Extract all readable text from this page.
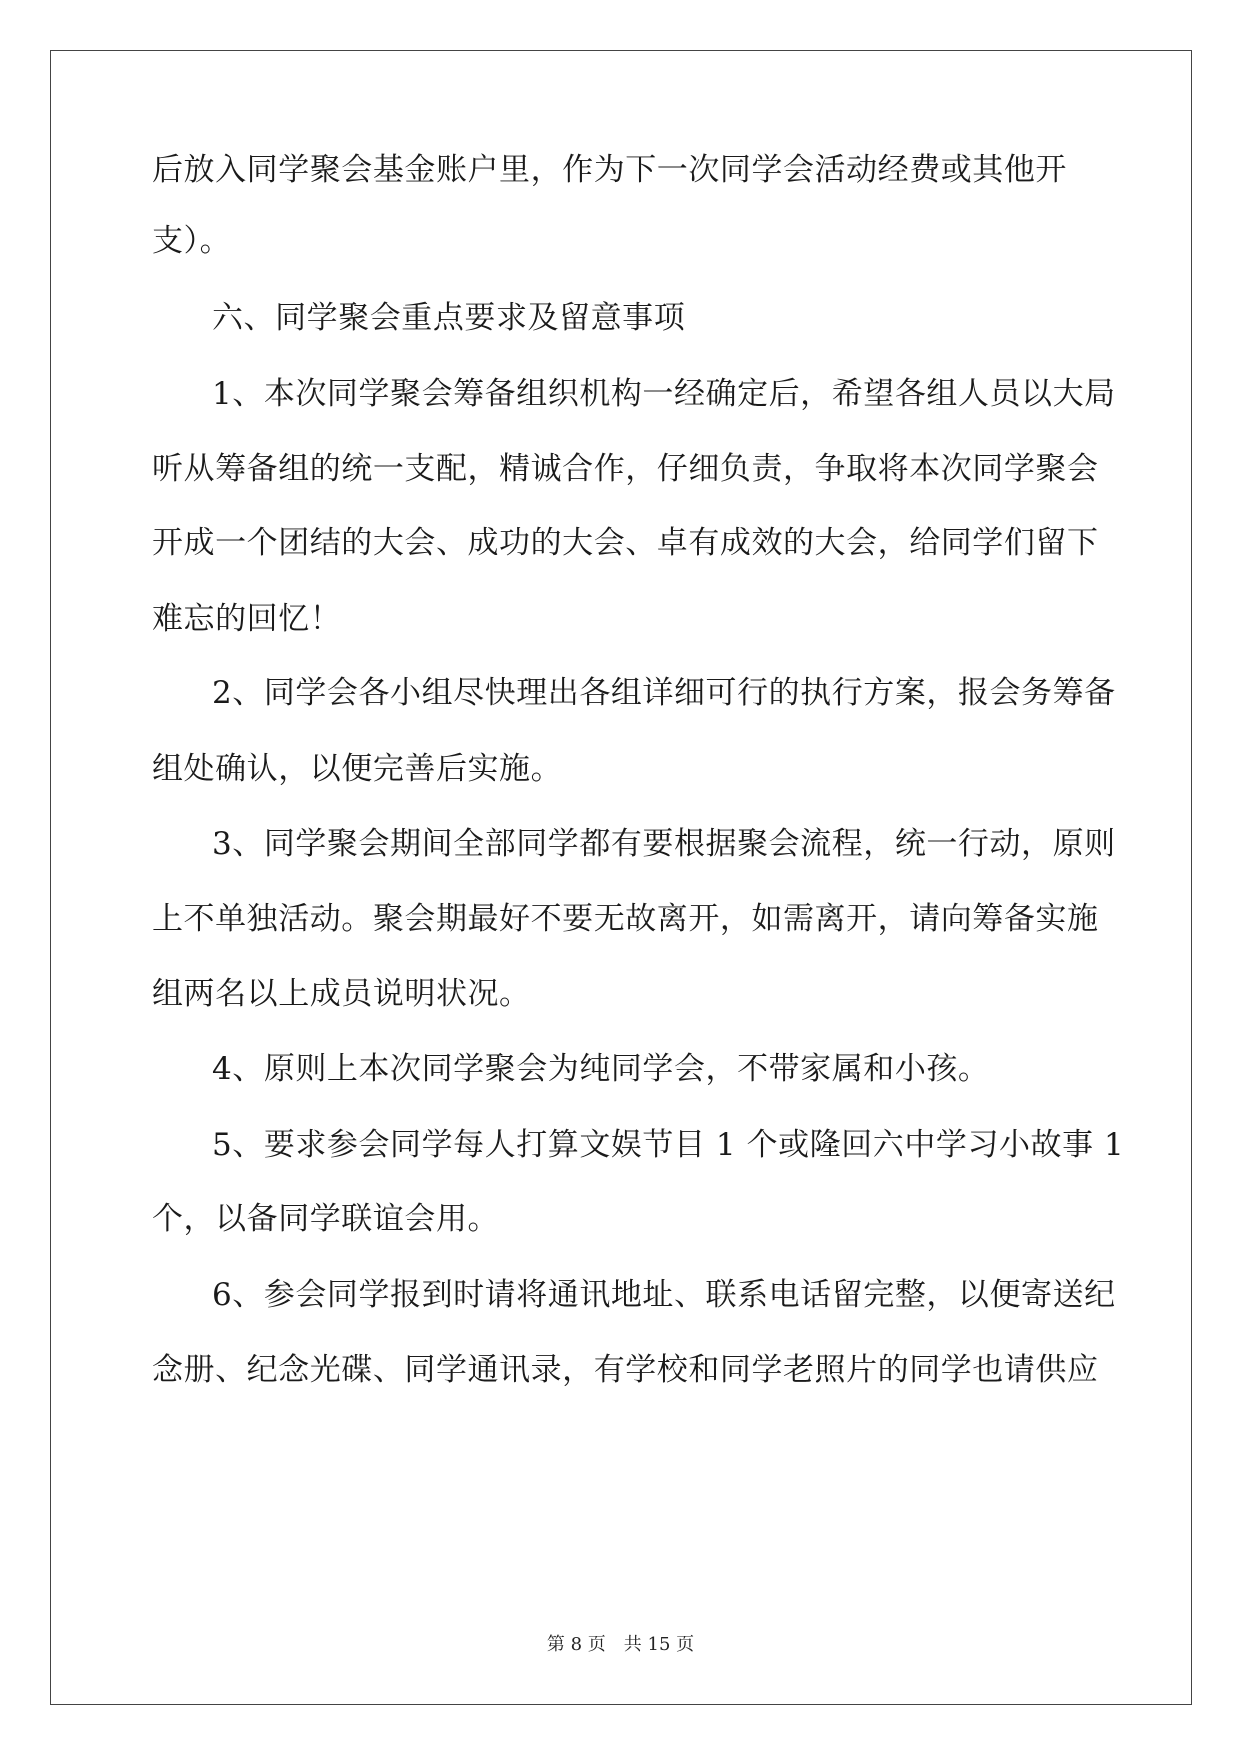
后放入同学聚会基金账户里，作为下一次同学会活动经费或其他开
支）。
六、同学聚会重点要求及留意事项
1、本次同学聚会筹备组织机构一经确定后，希望各组人员以大局
听从筹备组的统一支配，精诚合作，仔细负责，争取将本次同学聚会
开成一个团结的大会、成功的大会、卓有成效的大会，给同学们留下
难忘的回忆！
2、同学会各小组尽快理出各组详细可行的执行方案，报会务筹备
组处确认，以便完善后实施。
3、同学聚会期间全部同学都有要根据聚会流程，统一行动，原则
上不单独活动。聚会期最好不要无故离开，如需离开，请向筹备实施
组两名以上成员说明状况。
4、原则上本次同学聚会为纯同学会，不带家属和小孩。
5、要求参会同学每人打算文娱节目 1 个或隆回六中学习小故事 1
个，以备同学联谊会用。
6、参会同学报到时请将通讯地址、联系电话留完整，以便寄送纪
念册、纪念光碟、同学通讯录，有学校和同学老照片的同学也请供应
第 8 页 共 15 页
